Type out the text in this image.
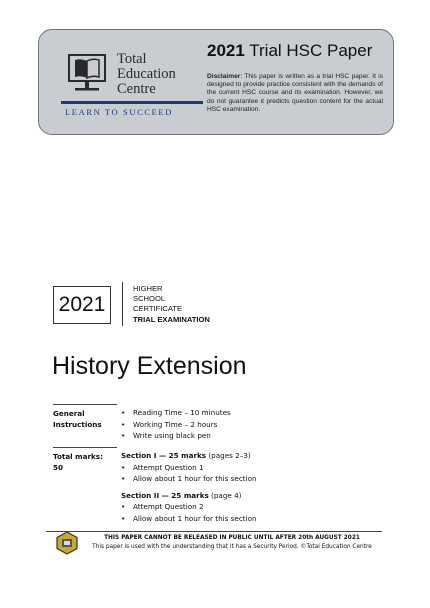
Total
Education
Centre
LEARN TO SUCCEED
2021 Trial HSC Paper
Disclaimer: This paper is written as a trial HSC paper. It is designed to provide practice consistent with the demands of the current HSC course and its examination. However, we do not guarantee it predicts question content for the actual HSC examination.
2021
HIGHER
SCHOOL
CERTIFICATE
TRIAL EXAMINATION
History Extension
General
Instructions
• Reading Time – 10 minutes
• Working Time – 2 hours
• Write using black pen
Total marks:
50
Section I — 25 marks (pages 2–3)
• Attempt Question 1
• Allow about 1 hour for this section
Section II — 25 marks (page 4)
• Attempt Question 2
• Allow about 1 hour for this section
THIS PAPER CANNOT BE RELEASED IN PUBLIC UNTIL AFTER 20th AUGUST 2021
This paper is used with the understanding that it has a Security Period. ©Total Education Centre
